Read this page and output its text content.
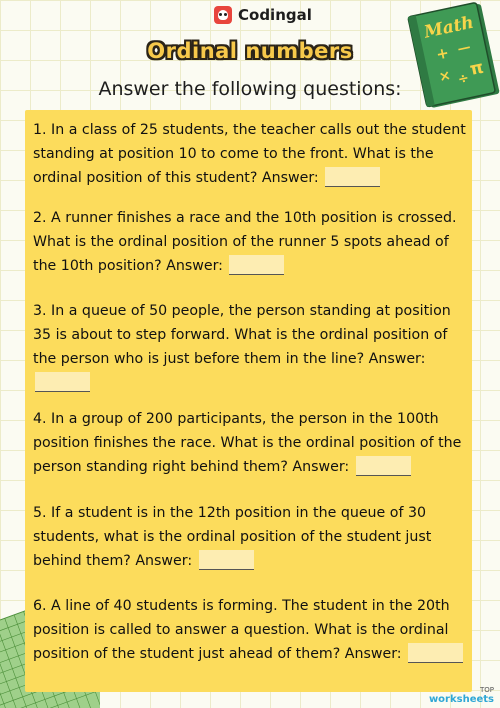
Codingal	Math
+ —
× ÷
π
Ordinal numbers
Answer the following questions:
1. In a class of 25 students, the teacher calls out the student standing at position 10 to come to the front. What is the ordinal position of this student? Answer:
2. A runner finishes a race and the 10th position is crossed. What is the ordinal position of the runner 5 spots ahead of the 10th position? Answer:
3. In a queue of 50 people, the person standing at position 35 is about to step forward. What is the ordinal position of the person who is just before them in the line? Answer:
4. In a group of 200 participants, the person in the 100th position finishes the race. What is the ordinal position of the person standing right behind them? Answer:
5. If a student is in the 12th position in the queue of 30 students, what is the ordinal position of the student just behind them? Answer:
6. A line of 40 students is forming. The student in the 20th position is called to answer a question. What is the ordinal position of the student just ahead of them? Answer:
TOP
worksheets
